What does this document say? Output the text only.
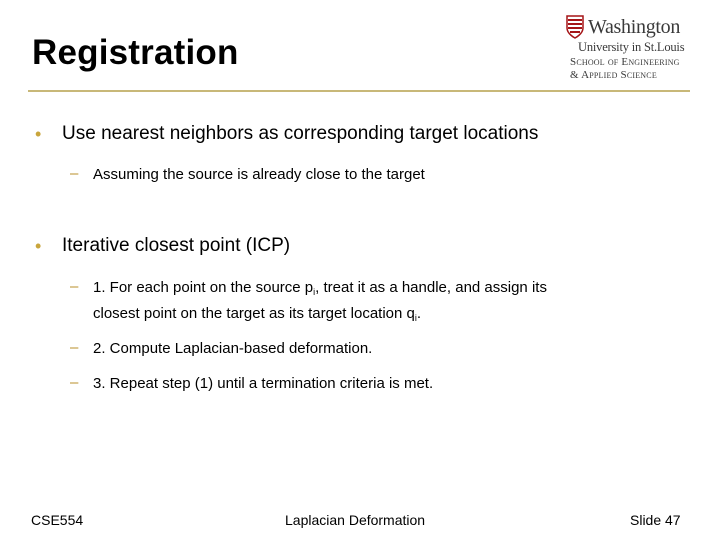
Registration
Washington
University in St.Louis
School of Engineering
& Applied Science
• Use nearest neighbors as corresponding target locations
– Assuming the source is already close to the target
• Iterative closest point (ICP)
– 1. For each point on the source $p_i$, treat it as a handle, and assign its
closest point on the target as its target location $q_i$.
– 2. Compute Laplacian-based deformation.
– 3. Repeat step (1) until a termination criteria is met.
CSE554	Laplacian Deformation	Slide 47
